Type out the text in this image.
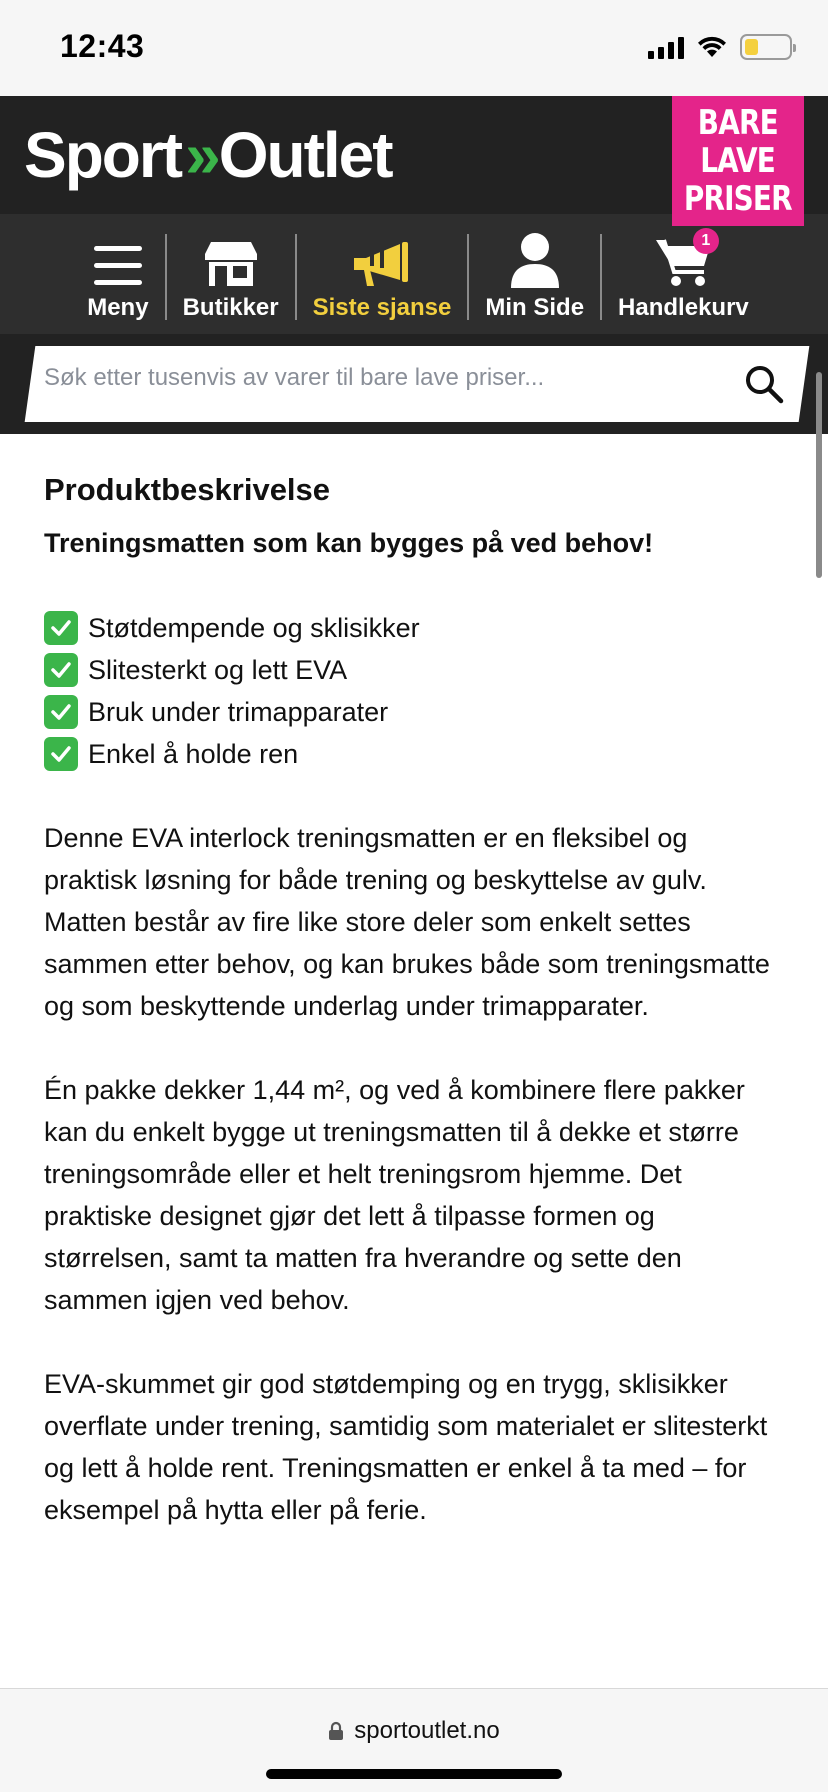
12:43
Sport » Outlet	BARE
LAVE
PRISER
Meny Butikker Siste sjanse Min Side Handlekurv
1
Søk etter tusenvis av varer til bare lave priser...
Produktbeskrivelse
Treningsmatten som kan bygges på ved behov!
Støtdempende og sklisikker
Slitesterkt og lett EVA
Bruk under trimapparater
Enkel å holde ren

Denne EVA interlock treningsmatten er en fleksibel og praktisk løsning for både trening og beskyttelse av gulv. Matten består av fire like store deler som enkelt settes sammen etter behov, og kan brukes både som treningsmatte og som beskyttende underlag under trimapparater.

Én pakke dekker 1,44 m², og ved å kombinere flere pakker kan du enkelt bygge ut treningsmatten til å dekke et større treningsområde eller et helt treningsrom hjemme. Det praktiske designet gjør det lett å tilpasse formen og størrelsen, samt ta matten fra hverandre og sette den sammen igjen ved behov.

EVA-skummet gir god støtdemping og en trygg, sklisikker overflate under trening, samtidig som materialet er slitesterkt og lett å holde rent. Treningsmatten er enkel å ta med – for eksempel på hytta eller på ferie.

sportoutlet.no
